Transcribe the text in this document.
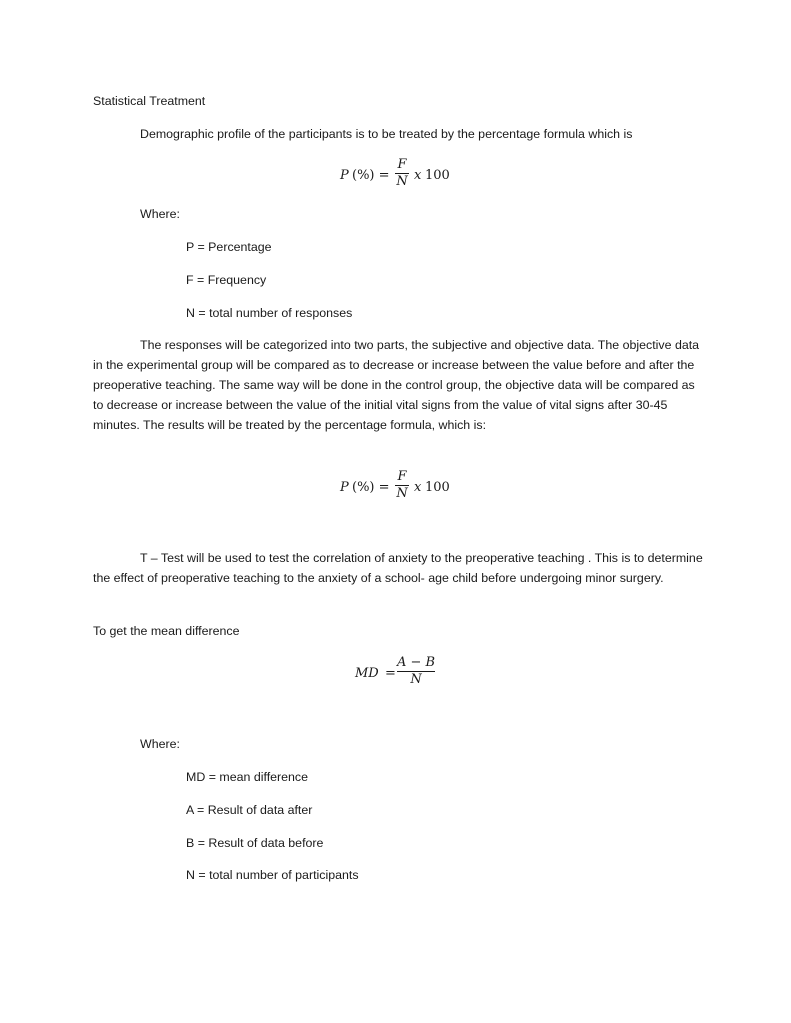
Statistical Treatment
Demographic profile of the participants is to be treated by the percentage formula which is
P (%) =
F
N x 100
Where:
P = Percentage
F = Frequency
N = total number of responses
The responses will be categorized into two parts, the subjective and objective data. The objective data in the experimental group will be compared as to decrease or increase between the value before and after the preoperative teaching. The same way will be done in the control group, the objective data will be compared as to decrease or increase between the value of the initial vital signs from the value of vital signs after 30-45 minutes. The results will be treated by the percentage formula, which is:
P (%) =
F
N x 100
T – Test will be used to test the correlation of anxiety to the preoperative teaching . This is to determine the effect of preoperative teaching to the anxiety of a school- age child before undergoing minor surgery.
To get the mean difference
MD =
A − B
N
Where:
MD = mean difference
A = Result of data after
B = Result of data before
N = total number of participants
